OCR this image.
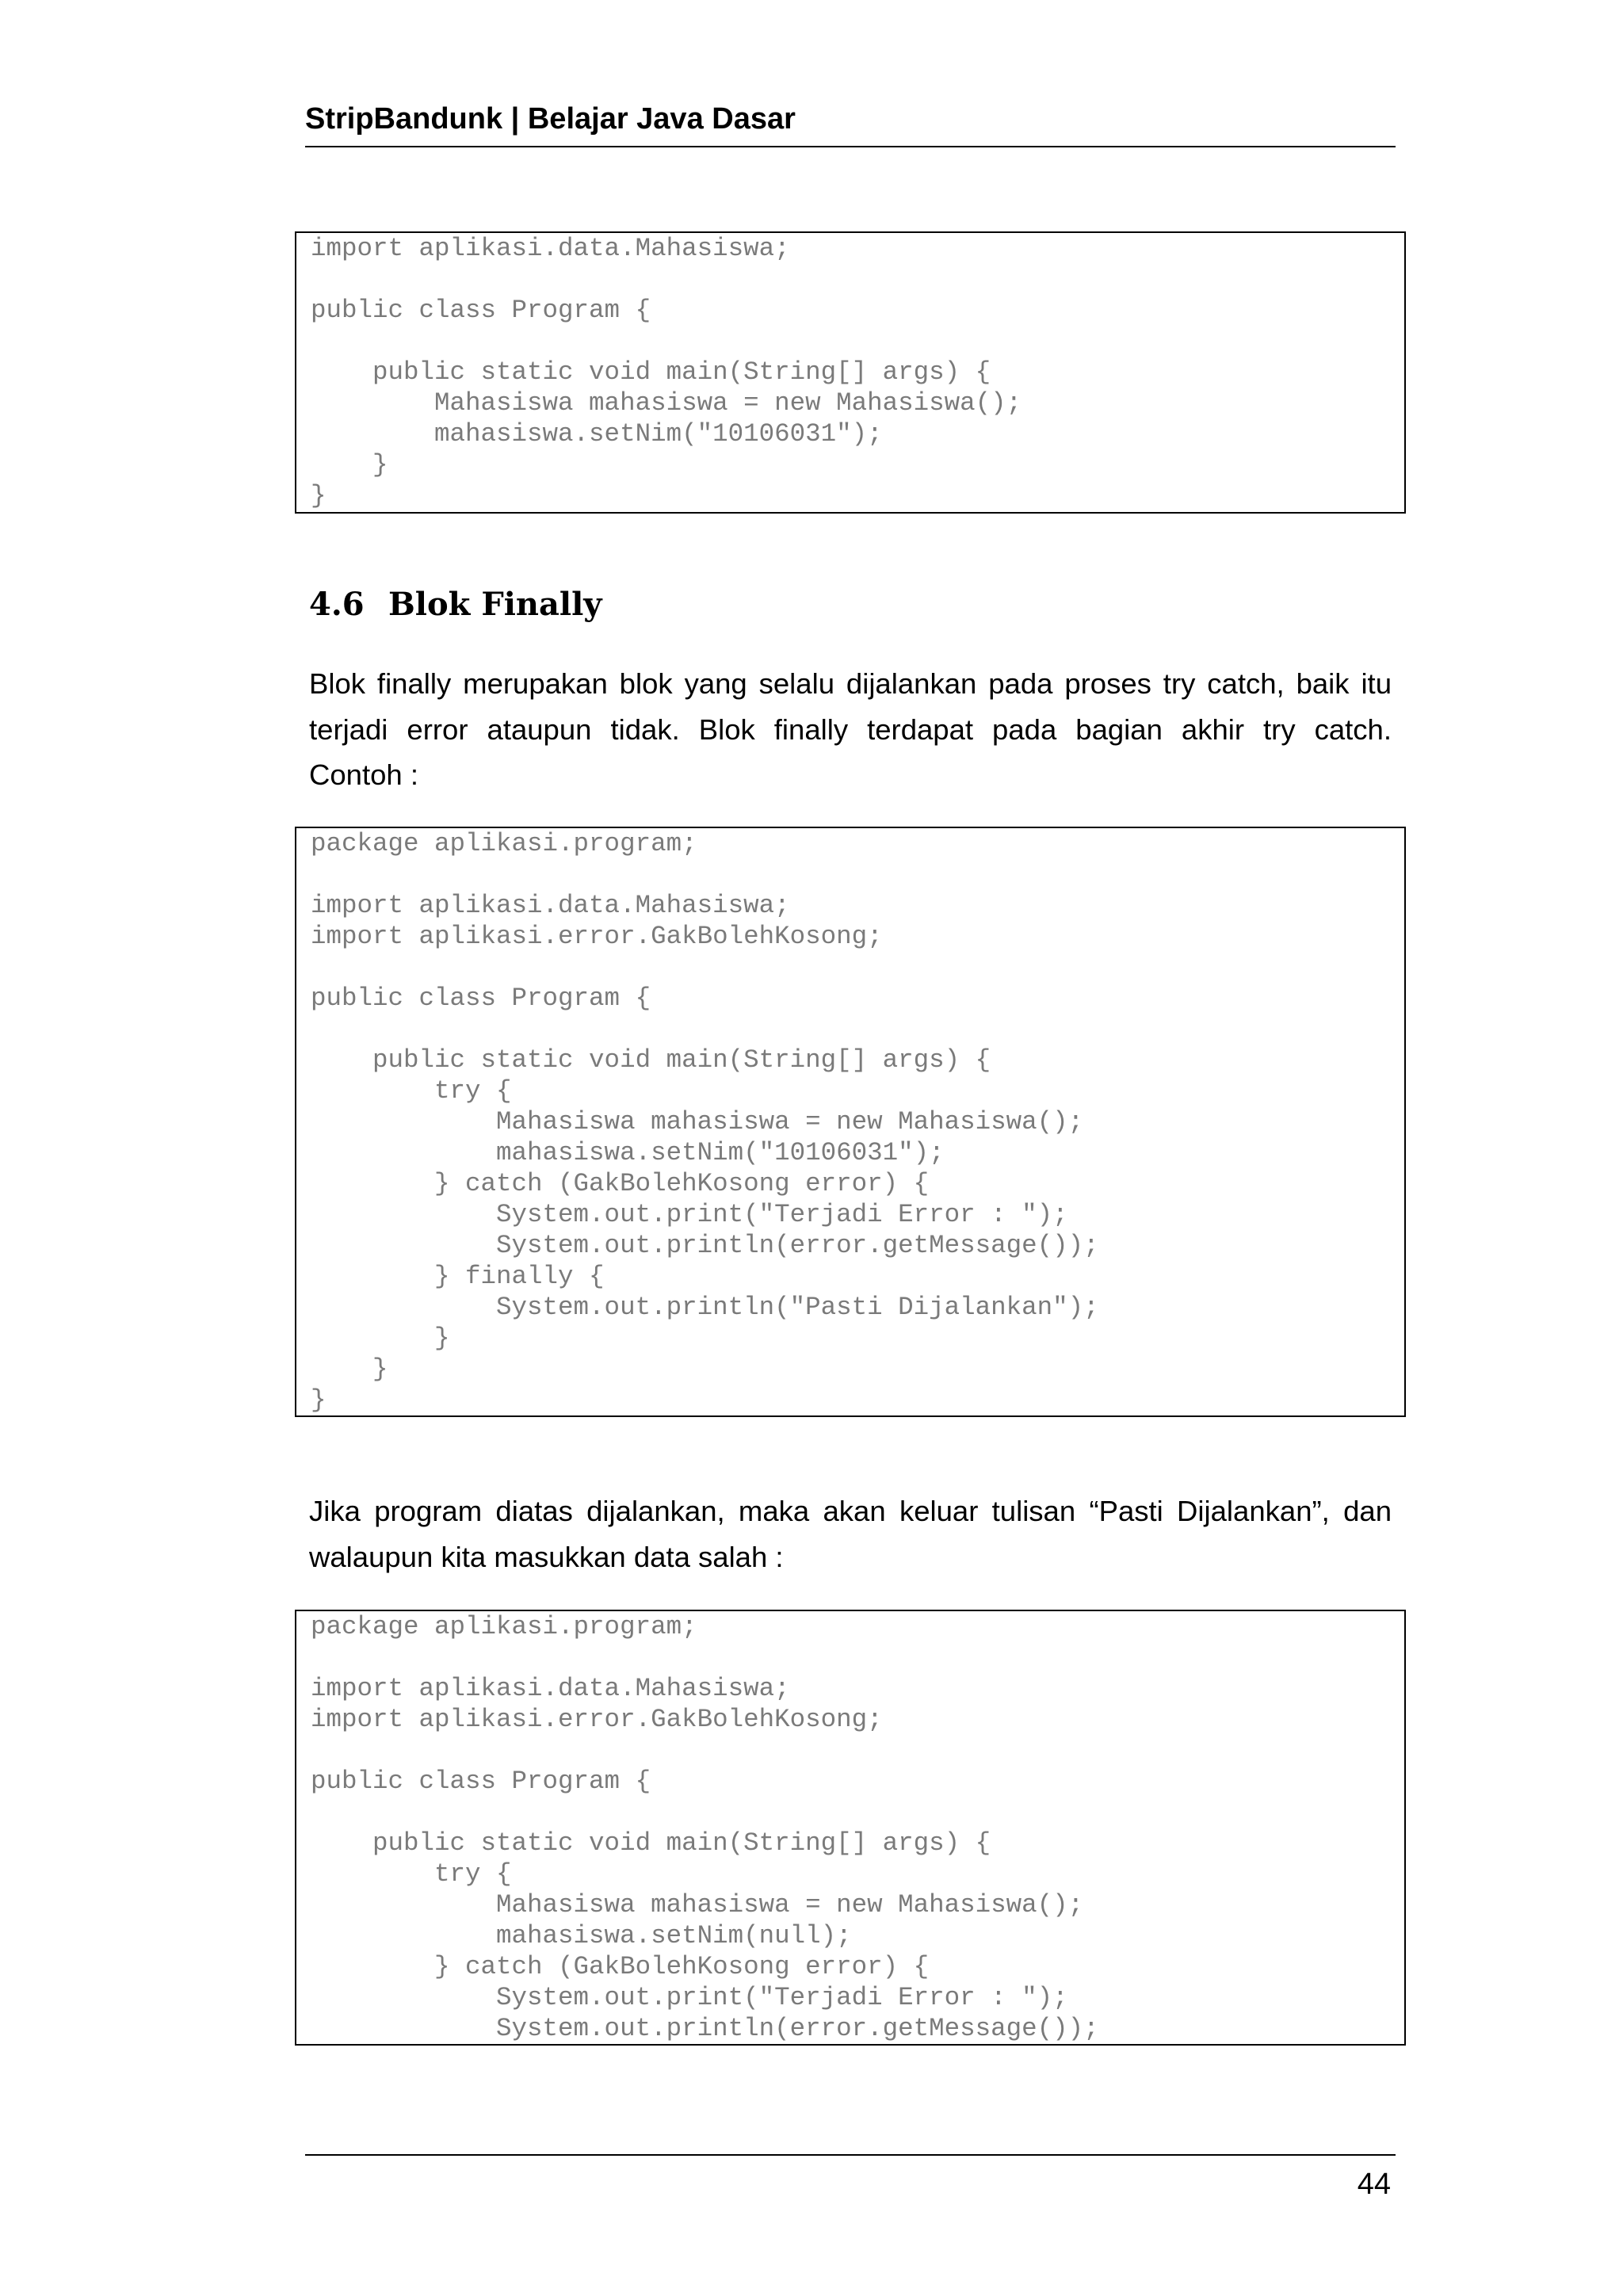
StripBandunk | Belajar Java Dasar
import aplikasi.data.Mahasiswa;

public class Program {

public static void main(String[] args) {
Mahasiswa mahasiswa = new Mahasiswa();
mahasiswa.setNim("10106031");
}
}
4.6 Blok Finally
Blok finally merupakan blok yang selalu dijalankan pada proses try catch, baik itu
terjadi error ataupun tidak. Blok finally terdapat pada bagian akhir try catch.
Contoh :
package aplikasi.program;

import aplikasi.data.Mahasiswa;
import aplikasi.error.GakBolehKosong;

public class Program {

public static void main(String[] args) {
try {
Mahasiswa mahasiswa = new Mahasiswa();
mahasiswa.setNim("10106031");
} catch (GakBolehKosong error) {
System.out.print("Terjadi Error : ");
System.out.println(error.getMessage());
} finally {
System.out.println("Pasti Dijalankan");
}
}
}
Jika program diatas dijalankan, maka akan keluar tulisan “Pasti Dijalankan”, dan
walaupun kita masukkan data salah :
package aplikasi.program;

import aplikasi.data.Mahasiswa;
import aplikasi.error.GakBolehKosong;

public class Program {

public static void main(String[] args) {
try {
Mahasiswa mahasiswa = new Mahasiswa();
mahasiswa.setNim(null);
} catch (GakBolehKosong error) {
System.out.print("Terjadi Error : ");
System.out.println(error.getMessage());
44
